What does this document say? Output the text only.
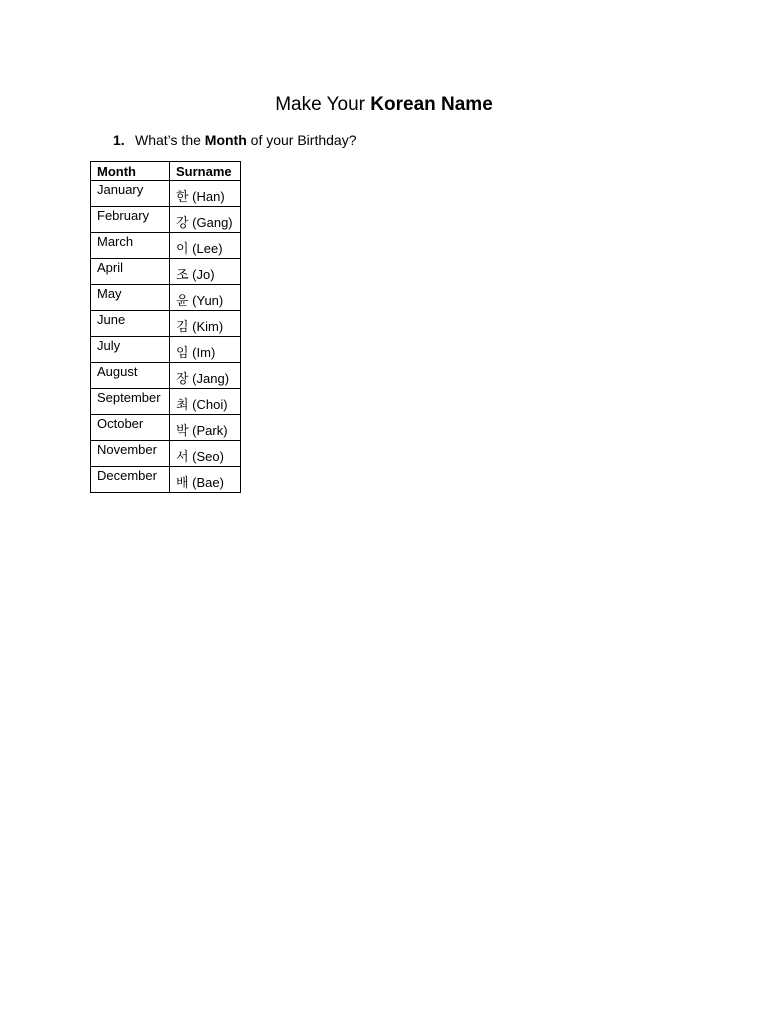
Make Your Korean Name
1. What’s the Month of your Birthday?
Month	Surname
January	한 (Han)
February	강 (Gang)
March	이 (Lee)
April	조 (Jo)
May	윤 (Yun)
June	김 (Kim)
July	임 (Im)
August	장 (Jang)
September	최 (Choi)
October	박 (Park)
November	서 (Seo)
December	배 (Bae)
